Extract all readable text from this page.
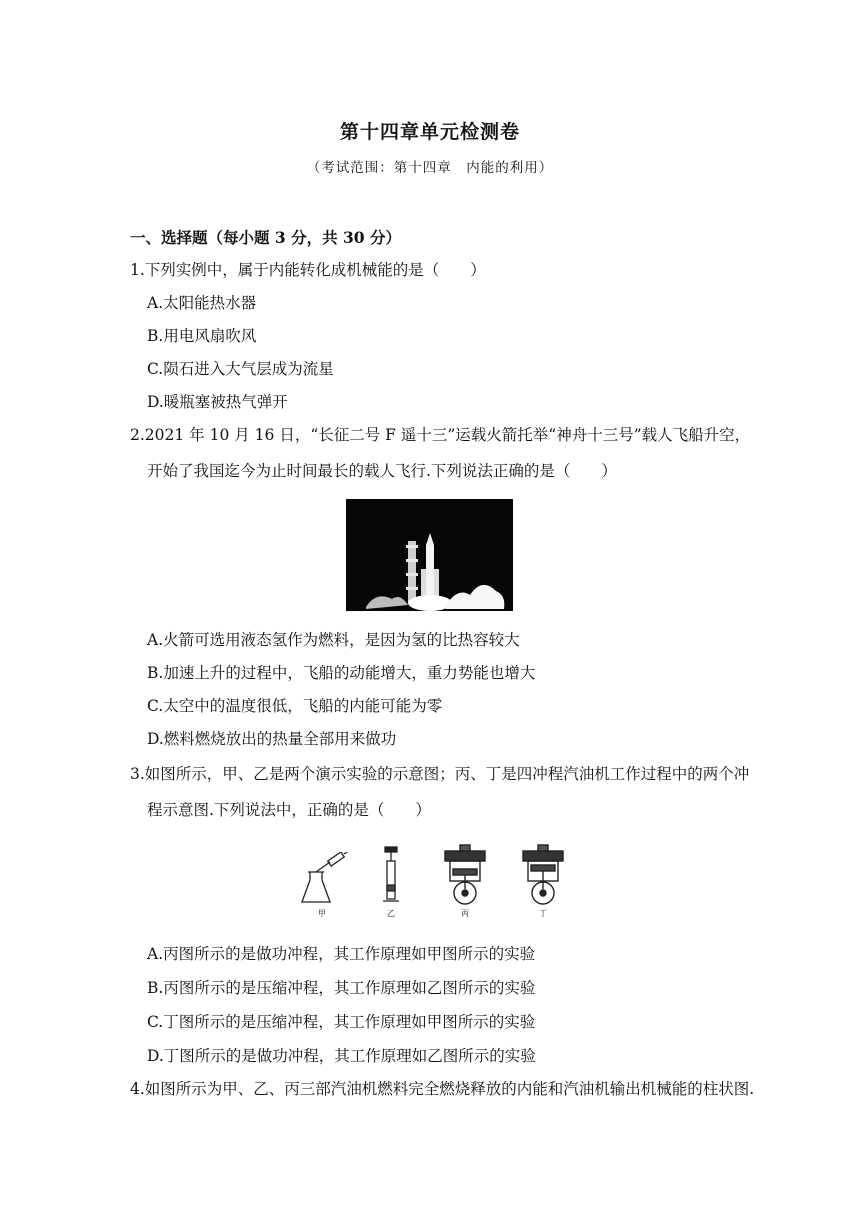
第十四章单元检测卷
（考试范围：第十四章　内能的利用）
一、选择题（每小题 3 分，共 30 分）
1.下列实例中，属于内能转化成机械能的是（　　）
A.太阳能热水器
B.用电风扇吹风
C.陨石进入大气层成为流星
D.暖瓶塞被热气弹开
2.2021 年 10 月 16 日，“长征二号 F 遥十三”运载火箭托举“神舟十三号”载人飞船升空，
开始了我国迄今为止时间最长的载人飞行.下列说法正确的是（　　）
A.火箭可选用液态氢作为燃料，是因为氢的比热容较大
B.加速上升的过程中，飞船的动能增大，重力势能也增大
C.太空中的温度很低，飞船的内能可能为零
D.燃料燃烧放出的热量全部用来做功
3.如图所示，甲、乙是两个演示实验的示意图；丙、丁是四冲程汽油机工作过程中的两个冲
程示意图.下列说法中，正确的是（　　）
甲	乙	丙	丁
A.丙图所示的是做功冲程，其工作原理如甲图所示的实验
B.丙图所示的是压缩冲程，其工作原理如乙图所示的实验
C.丁图所示的是压缩冲程，其工作原理如甲图所示的实验
D.丁图所示的是做功冲程，其工作原理如乙图所示的实验
4.如图所示为甲、乙、丙三部汽油机燃料完全燃烧释放的内能和汽油机输出机械能的柱状图.
